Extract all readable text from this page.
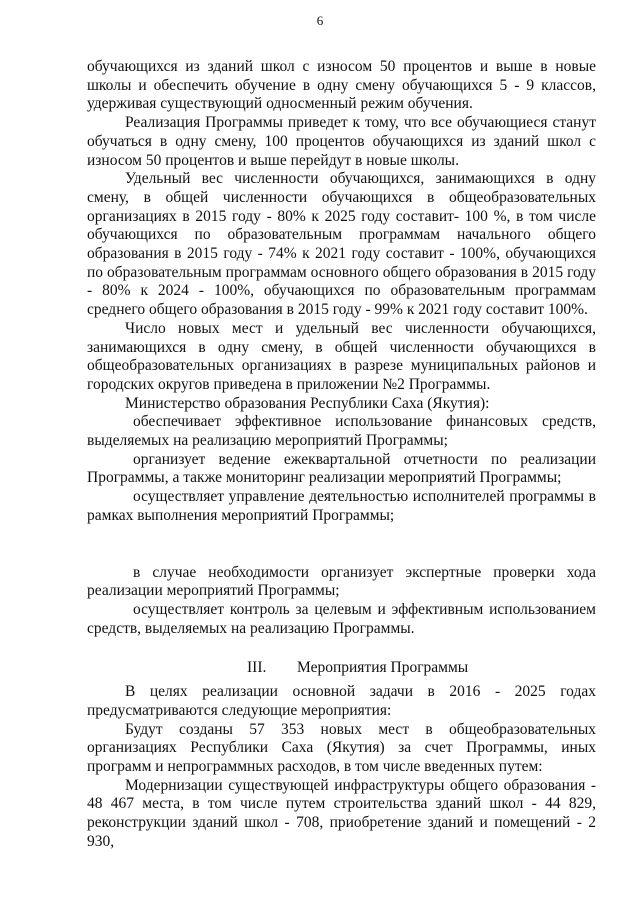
6

обучающихся из зданий школ с износом 50 процентов и выше в новые школы и обеспечить обучение в одну смену обучающихся 5 - 9 классов, удерживая существующий односменный режим обучения.

Реализация Программы приведет к тому, что все обучающиеся станут обучаться в одну смену, 100 процентов обучающихся из зданий школ с износом 50 процентов и выше перейдут в новые школы.

Удельный вес численности обучающихся, занимающихся в одну смену, в общей численности обучающихся в общеобразовательных организациях в 2015 году - 80% к 2025 году составит- 100 %, в том числе обучающихся по образовательным программам начального общего образования в 2015 году - 74% к 2021 году составит - 100%, обучающихся по образовательным программам основного общего образования в 2015 году - 80% к 2024 - 100%, обучающихся по образовательным программам среднего общего образования в 2015 году - 99% к 2021 году составит 100%.

Число новых мест и удельный вес численности обучающихся, занимающихся в одну смену, в общей численности обучающихся в общеобразовательных организациях в разрезе муниципальных районов и городских округов приведена в приложении №2 Программы.

Министерство образования Республики Саха (Якутия):

обеспечивает эффективное использование финансовых средств, выделяемых на реализацию мероприятий Программы;

организует ведение ежеквартальной отчетности по реализации Программы, а также мониторинг реализации мероприятий Программы;

осуществляет управление деятельностью исполнителей программы в рамках выполнения мероприятий Программы;

в случае необходимости организует экспертные проверки хода реализации мероприятий Программы;

осуществляет контроль за целевым и эффективным использованием средств, выделяемых на реализацию Программы.

III. Мероприятия Программы

В целях реализации основной задачи в 2016 - 2025 годах предусматриваются следующие мероприятия:

Будут созданы 57 353 новых мест в общеобразовательных организациях Республики Саха (Якутия) за счет Программы, иных программ и непрограммных расходов, в том числе введенных путем:

Модернизации существующей инфраструктуры общего образования - 48 467 места, в том числе путем строительства зданий школ - 44 829, реконструкции зданий школ - 708, приобретение зданий и помещений - 2 930,
